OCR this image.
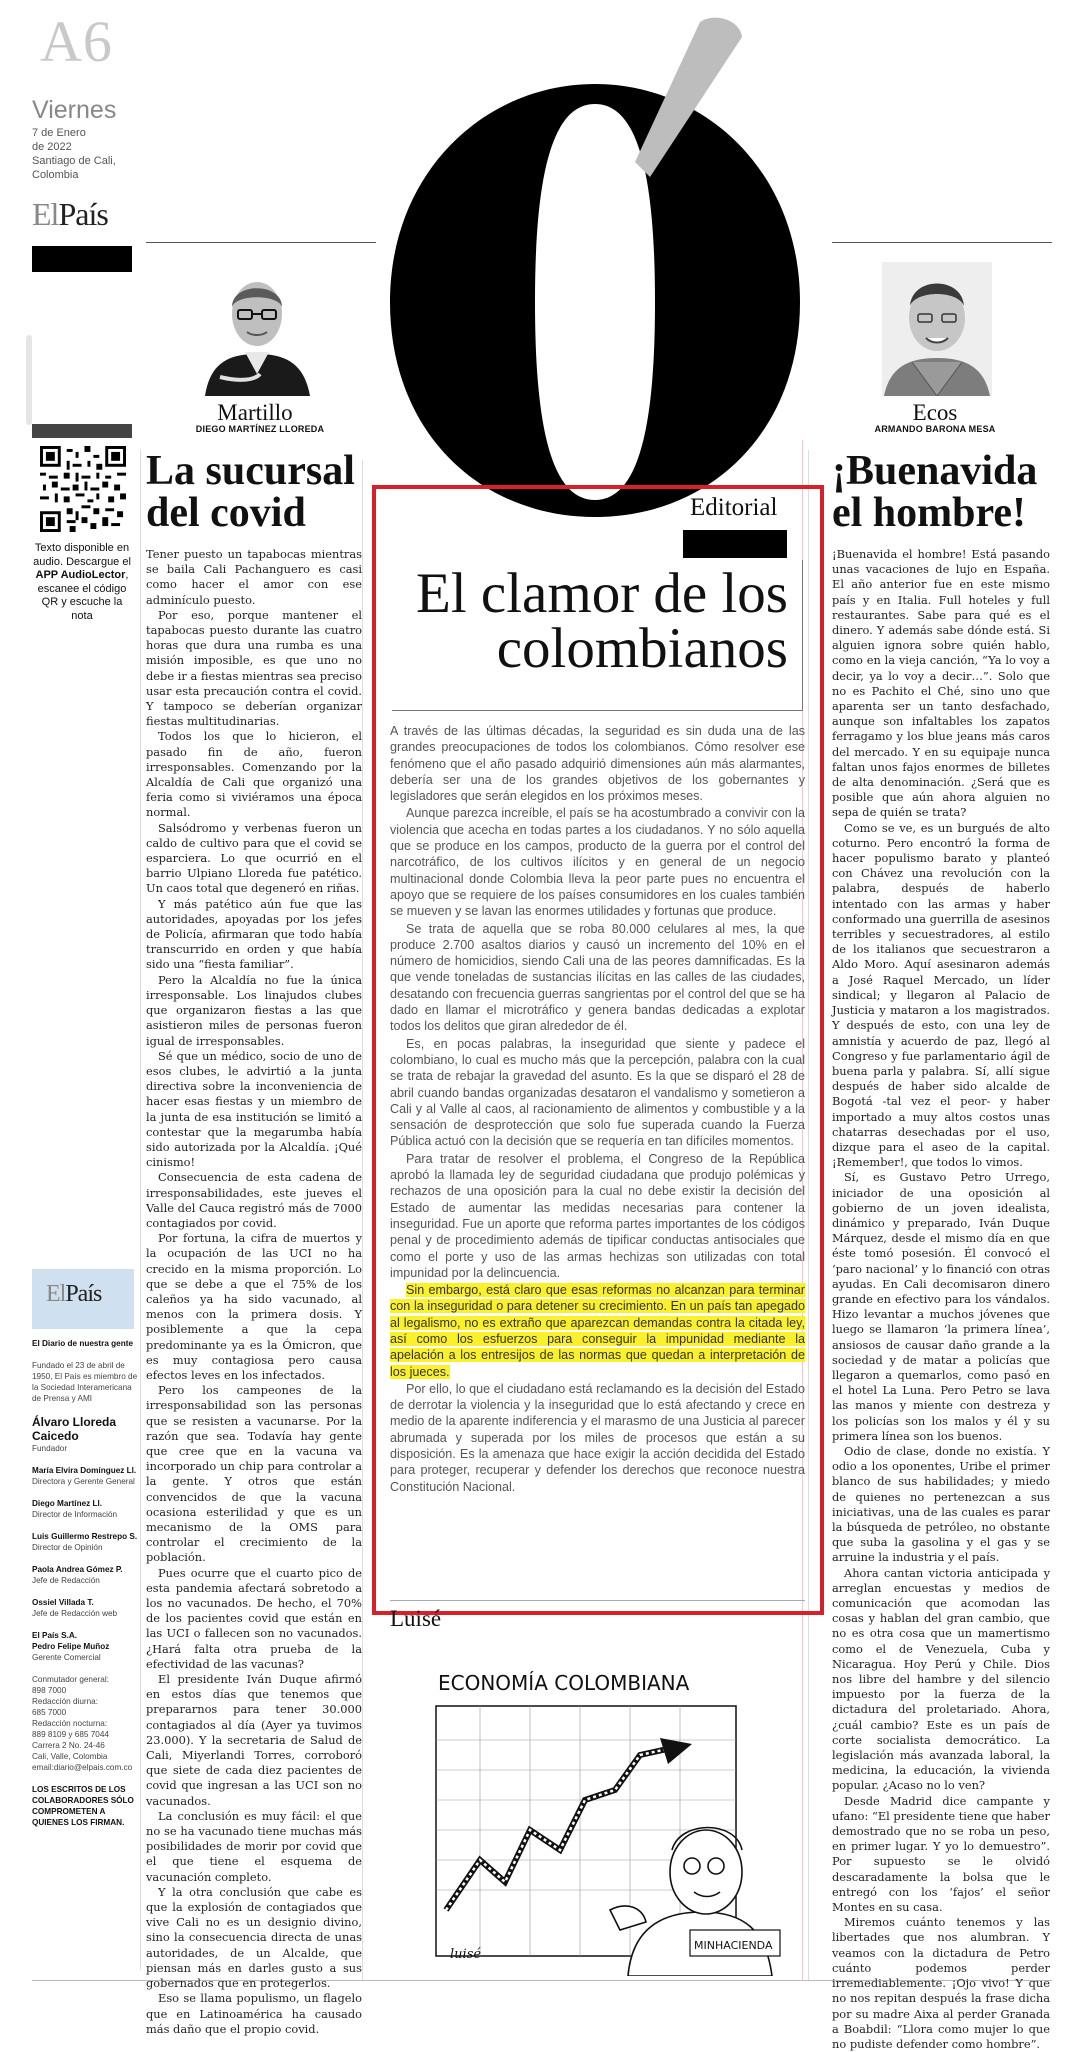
A6
Viernes
7 de Enero
de 2022
Santiago de Cali,
Colombia
ElPaís
Texto disponible en audio. Descargue el APP AudioLector, escanee el código QR y escuche la nota
ElPaís

El Diario de nuestra gente

Fundado el 23 de abril de 1950, El País es miembro de la Sociedad Interamericana de Prensa y AMI

Álvaro Lloreda Caicedo
Fundador

María Elvira Domínguez Ll.
Directora y Gerente General

Diego Martínez Ll.
Director de Información

Luis Guillermo Restrepo S.
Director de Opinión

Paola Andrea Gómez P.
Jefe de Redacción

Ossiel Villada T.
Jefe de Redacción web

El País S.A.
Pedro Felipe Muñoz
Gerente Comercial

Conmutador general:
898 7000
Redacción diurna:
685 7000
Redacción nocturna:
889 8109 y 685 7044
Carrera 2 No. 24-46
Cali, Valle, Colombia
email:diario@elpais.com.co

LOS ESCRITOS DE LOS COLABORADORES SÓLO COMPROMETEN A QUIENES LOS FIRMAN.

Martillo
DIEGO MARTÍNEZ LLOREDA
Ecos
ARMANDO BARONA MESA
La sucursal del covid

Tener puesto un tapabocas mientras se baila Cali Pachanguero es casi como hacer el amor con ese adminículo puesto.

Por eso, porque mantener el tapabocas puesto durante las cuatro horas que dura una rumba es una misión imposible, es que uno no debe ir a fiestas mientras sea preciso usar esta precaución contra el covid. Y tampoco se deberían organizar fiestas multitudinarias.

Todos los que lo hicieron, el pasado fin de año, fueron irresponsables. Comenzando por la Alcaldía de Cali que organizó una feria como si viviéramos una época normal.

Salsódromo y verbenas fueron un caldo de cultivo para que el covid se esparciera. Lo que ocurrió en el barrio Ulpiano Lloreda fue patético. Un caos total que degeneró en riñas.

Y más patético aún fue que las autoridades, apoyadas por los jefes de Policía, afirmaran que todo había transcurrido en orden y que había sido una “fiesta familiar”.

Pero la Alcaldía no fue la única irresponsable. Los linajudos clubes que organizaron fiestas a las que asistieron miles de personas fueron igual de irresponsables.

Sé que un médico, socio de uno de esos clubes, le advirtió a la junta directiva sobre la inconveniencia de hacer esas fiestas y un miembro de la junta de esa institución se limitó a contestar que la megarumba había sido autorizada por la Alcaldía. ¡Qué cinismo!

Consecuencia de esta cadena de irresponsabilidades, este jueves el Valle del Cauca registró más de 7000 contagiados por covid.

Por fortuna, la cifra de muertos y la ocupación de las UCI no ha crecido en la misma proporción. Lo que se debe a que el 75% de los caleños ya ha sido vacunado, al menos con la primera dosis. Y posiblemente a que la cepa predominante ya es la Ómicron, que es muy contagiosa pero causa efectos leves en los infectados.

Pero los campeones de la irresponsabilidad son las personas que se resisten a vacunarse. Por la razón que sea. Todavía hay gente que cree que en la vacuna va incorporado un chip para controlar a la gente. Y otros que están convencidos de que la vacuna ocasiona esterilidad y que es un mecanismo de la OMS para controlar el crecimiento de la población.

Pues ocurre que el cuarto pico de esta pandemia afectará sobretodo a los no vacunados. De hecho, el 70% de los pacientes covid que están en las UCI o fallecen son no vacunados. ¿Hará falta otra prueba de la efectividad de las vacunas?

El presidente Iván Duque afirmó en estos días que tenemos que prepararnos para tener 30.000 contagiados al día (Ayer ya tuvimos 23.000). Y la secretaria de Salud de Cali, Miyerlandi Torres, corroboró que siete de cada diez pacientes de covid que ingresan a las UCI son no vacunados.

La conclusión es muy fácil: el que no se ha vacunado tiene muchas más posibilidades de morir por covid que el que tiene el esquema de vacunación completo.

Y la otra conclusión que cabe es que la explosión de contagiados que vive Cali no es un designio divino, sino la consecuencia directa de unas autoridades, de un Alcalde, que piensan más en darles gusto a sus gobernados que en protegerlos.

Eso se llama populismo, un flagelo que en Latinoamérica ha causado más daño que el propio covid.

Editorial
El clamor de los colombianos

A través de las últimas décadas, la seguridad es sin duda una de las grandes preocupaciones de todos los colombianos. Cómo resolver ese fenómeno que el año pasado adquirió dimensiones aún más alarmantes, debería ser una de los grandes objetivos de los gobernantes y legisladores que serán elegidos en los próximos meses.

Aunque parezca increíble, el país se ha acostumbrado a convivir con la violencia que acecha en todas partes a los ciudadanos. Y no sólo aquella que se produce en los campos, producto de la guerra por el control del narcotráfico, de los cultivos ilícitos y en general de un negocio multinacional donde Colombia lleva la peor parte pues no encuentra el apoyo que se requiere de los países consumidores en los cuales también se mueven y se lavan las enormes utilidades y fortunas que produce.

Se trata de aquella que se roba 80.000 celulares al mes, la que produce 2.700 asaltos diarios y causó un incremento del 10% en el número de homicidios, siendo Cali una de las peores damnificadas. Es la que vende toneladas de sustancias ilícitas en las calles de las ciudades, desatando con frecuencia guerras sangrientas por el control del que se ha dado en llamar el microtráfico y genera bandas dedicadas a explotar todos los delitos que giran alrededor de él.

Es, en pocas palabras, la inseguridad que siente y padece el colombiano, lo cual es mucho más que la percepción, palabra con la cual se trata de rebajar la gravedad del asunto. Es la que se disparó el 28 de abril cuando bandas organizadas desataron el vandalismo y sometieron a Cali y al Valle al caos, al racionamiento de alimentos y combustible y a la sensación de desprotección que solo fue superada cuando la Fuerza Pública actuó con la decisión que se requería en tan difíciles momentos.

Para tratar de resolver el problema, el Congreso de la República aprobó la llamada ley de seguridad ciudadana que produjo polémicas y rechazos de una oposición para la cual no debe existir la decisión del Estado de aumentar las medidas necesarias para contener la inseguridad. Fue un aporte que reforma partes importantes de los códigos penal y de procedimiento además de tipificar conductas antisociales que como el porte y uso de las armas hechizas son utilizadas con total impunidad por la delincuencia.

Sin embargo, está claro que esas reformas no alcanzan para terminar con la inseguridad o para detener su crecimiento. En un país tan apegado al legalismo, no es extraño que aparezcan demandas contra la citada ley, así como los esfuerzos para conseguir la impunidad mediante la apelación a los entresijos de las normas que quedan a interpretación de los jueces.

Por ello, lo que el ciudadano está reclamando es la decisión del Estado de derrotar la violencia y la inseguridad que lo está afectando y crece en medio de la aparente indiferencia y el marasmo de una Justicia al parecer abrumada y superada por los miles de procesos que están a su disposición. Es la amenaza que hace exigir la acción decidida del Estado para proteger, recuperar y defender los derechos que reconoce nuestra Constitución Nacional.

Luisé
ECONOMÍA COLOMBIANA
MINHACIENDA
luisé
¡Buenavida el hombre!

¡Buenavida el hombre! Está pasando unas vacaciones de lujo en España. El año anterior fue en este mismo país y en Italia. Full hoteles y full restaurantes. Sabe para qué es el dinero. Y además sabe dónde está. Si alguien ignora sobre quién hablo, como en la vieja canción, “Ya lo voy a decir, ya lo voy a decir…”. Solo que no es Pachito el Ché, sino uno que aparenta ser un tanto desfachado, aunque son infaltables los zapatos ferragamo y los blue jeans más caros del mercado. Y en su equipaje nunca faltan unos fajos enormes de billetes de alta denominación. ¿Será que es posible que aún ahora alguien no sepa de quién se trata?

Como se ve, es un burgués de alto coturno. Pero encontró la forma de hacer populismo barato y planteó con Chávez una revolución con la palabra, después de haberlo intentado con las armas y haber conformado una guerrilla de asesinos terribles y secuestradores, al estilo de los italianos que secuestraron a Aldo Moro. Aquí asesinaron además a José Raquel Mercado, un líder sindical; y llegaron al Palacio de Justicia y mataron a los magistrados. Y después de esto, con una ley de amnistía y acuerdo de paz, llegó al Congreso y fue parlamentario ágil de buena parla y palabra. Sí, allí sigue después de haber sido alcalde de Bogotá -tal vez el peor- y haber importado a muy altos costos unas chatarras desechadas por el uso, dizque para el aseo de la capital. ¡Remember!, que todos lo vimos.

Sí, es Gustavo Petro Urrego, iniciador de una oposición al gobierno de un joven idealista, dinámico y preparado, Iván Duque Márquez, desde el mismo día en que éste tomó posesión. Él convocó el ‘paro nacional’ y lo financió con otras ayudas. En Cali decomisaron dinero grande en efectivo para los vándalos. Hizo levantar a muchos jóvenes que luego se llamaron ‘la primera línea’, ansiosos de causar daño grande a la sociedad y de matar a policías que llegaron a quemarlos, como pasó en el hotel La Luna. Pero Petro se lava las manos y miente con destreza y los policías son los malos y él y su primera línea son los buenos.

Odio de clase, donde no existía. Y odio a los oponentes, Uribe el primer blanco de sus habilidades; y miedo de quienes no pertenezcan a sus iniciativas, una de las cuales es parar la búsqueda de petróleo, no obstante que suba la gasolina y el gas y se arruine la industria y el país.

Ahora cantan victoria anticipada y arreglan encuestas y medios de comunicación que acomodan las cosas y hablan del gran cambio, que no es otra cosa que un mamertismo como el de Venezuela, Cuba y Nicaragua. Hoy Perú y Chile. Dios nos libre del hambre y del silencio impuesto por la fuerza de la dictadura del proletariado. Ahora, ¿cuál cambio? Este es un país de corte socialista democrático. La legislación más avanzada laboral, la medicina, la educación, la vivienda popular. ¿Acaso no lo ven?

Desde Madrid dice campante y ufano: “El presidente tiene que haber demostrado que no se roba un peso, en primer lugar. Y yo lo demuestro”. Por supuesto se le olvidó descaradamente la bolsa que le entregó con los ‘fajos’ el señor Montes en su casa.

Miremos cuánto tenemos y las libertades que nos alumbran. Y veamos con la dictadura de Petro cuánto podemos perder irremediablemente. ¡Ojo vivo! Y que no nos repitan después la frase dicha por su madre Aixa al perder Granada a Boabdil: “Llora como mujer lo que no pudiste defender como hombre”.
